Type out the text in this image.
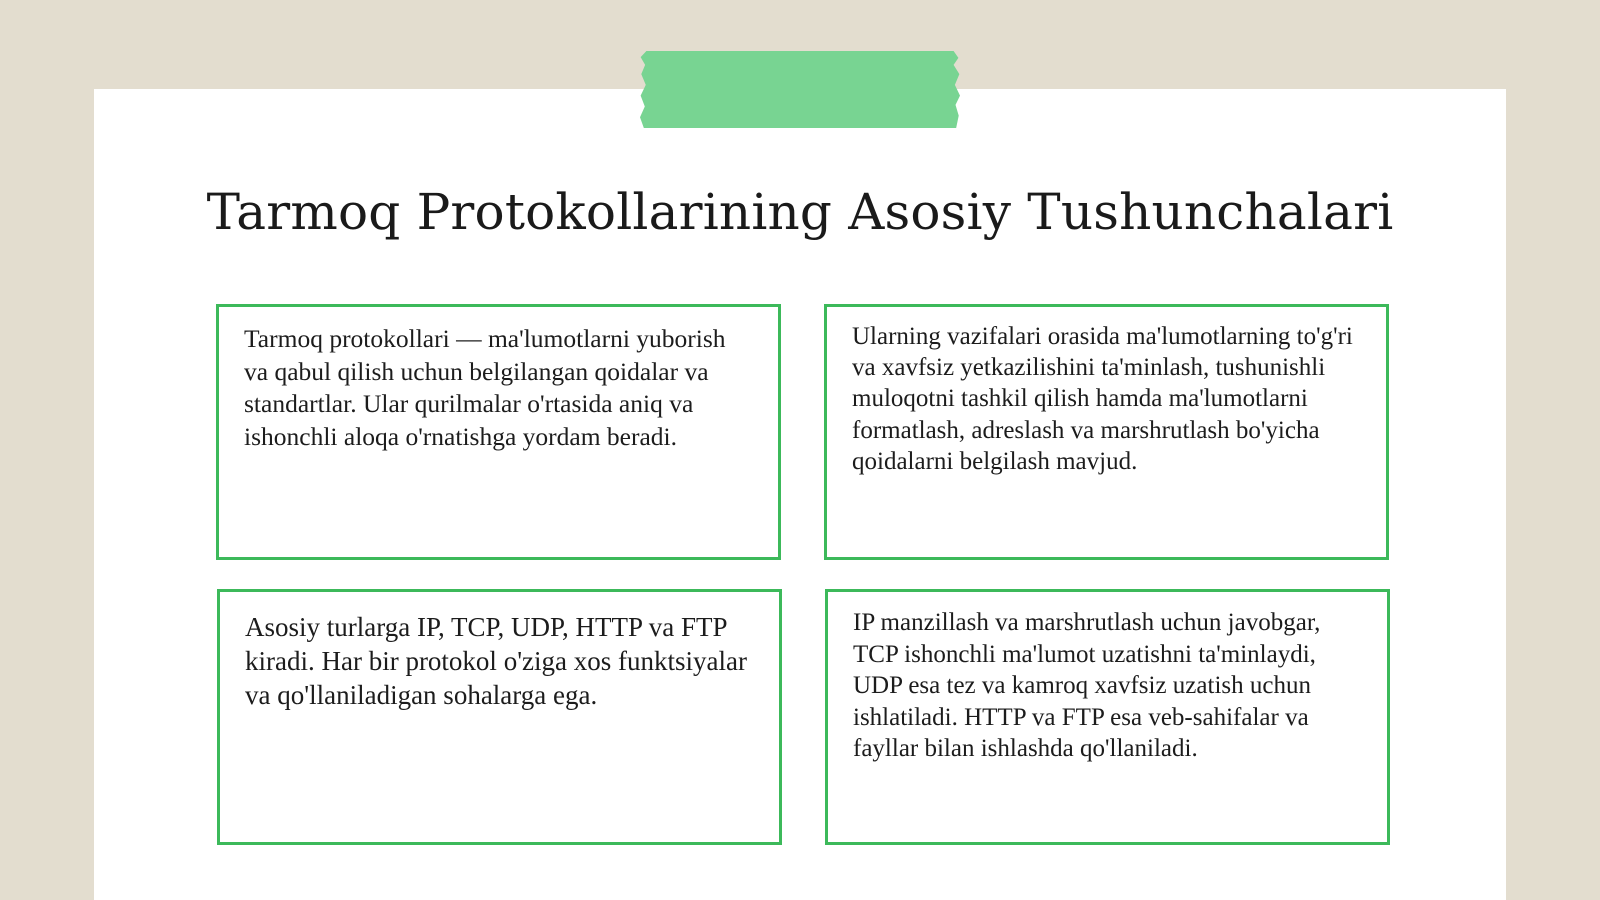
Tarmoq Protokollarining Asosiy Tushunchalari

Tarmoq protokollari — ma'lumotlarni yuborish va qabul qilish uchun belgilangan qoidalar va standartlar. Ular qurilmalar o'rtasida aniq va ishonchli aloqa o'rnatishga yordam beradi.

Ularning vazifalari orasida ma'lumotlarning to'g'ri va xavfsiz yetkazilishini ta'minlash, tushunishli muloqotni tashkil qilish hamda ma'lumotlarni formatlash, adreslash va marshrutlash bo'yicha qoidalarni belgilash mavjud.

Asosiy turlarga IP, TCP, UDP, HTTP va FTP kiradi. Har bir protokol o'ziga xos funktsiyalar va qo'llaniladigan sohalarga ega.

IP manzillash va marshrutlash uchun javobgar, TCP ishonchli ma'lumot uzatishni ta'minlaydi, UDP esa tez va kamroq xavfsiz uzatish uchun ishlatiladi. HTTP va FTP esa veb-sahifalar va fayllar bilan ishlashda qo'llaniladi.
